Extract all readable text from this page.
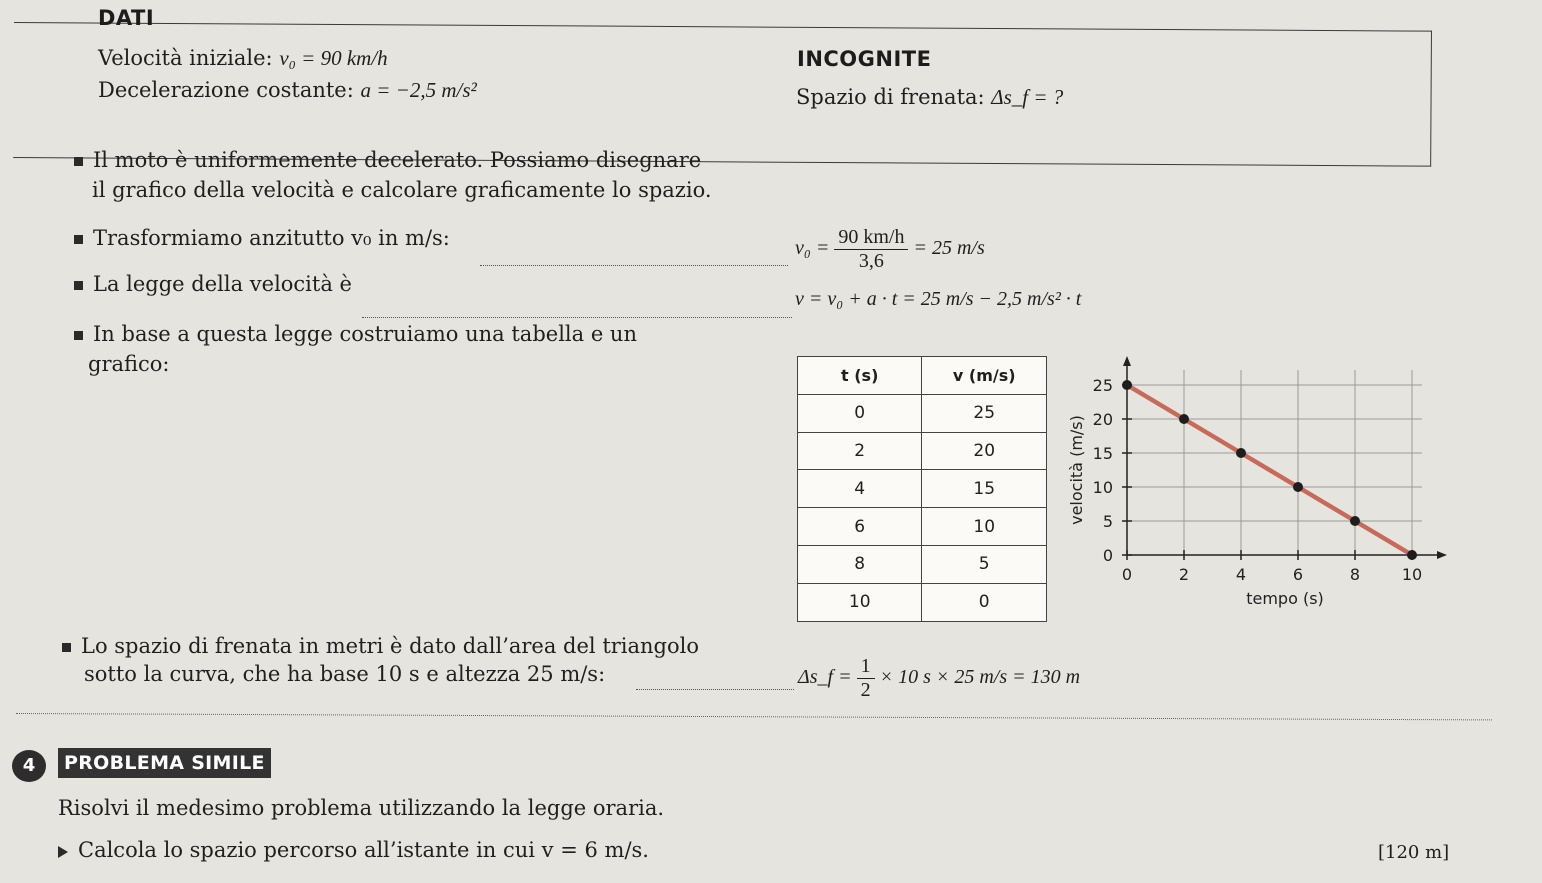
DATI
Velocità iniziale: v₀ = 90 km/h
Decelerazione costante: a = −2,5 m/s²
INCOGNITE
Spazio di frenata: Δs_f = ?
Il moto è uniformemente decelerato. Possiamo disegnare
il grafico della velocità e calcolare graficamente lo spazio.
Trasformiamo anzitutto v₀ in m/s:	$v_0 = \frac{90 km/h}{3,6} = 25$ m/s
La legge della velocità è
v = v₀ + a · t = 25 m/s − 2,5 m/s² · t
In base a questa legge costruiamo una tabella e un
grafico:	t (s)	v (m/s)
0	25
2	20
4	15
6	10
8	5
10	0
0	2	4	6	8	10
0
5
10
15
20
25
tempo (s)
velocità (m/s)
Lo spazio di frenata in metri è dato dall’area del triangolo
sotto la curva, che ha base 10 s e altezza 25 m/s:	Δs_f = $\frac{1}{2} \times 10$ s × 25 m/s = 130 m
4	PROBLEMA SIMILE
Risolvi il medesimo problema utilizzando la legge oraria.
Calcola lo spazio percorso all’istante in cui v = 6 m/s.	[120 m]
